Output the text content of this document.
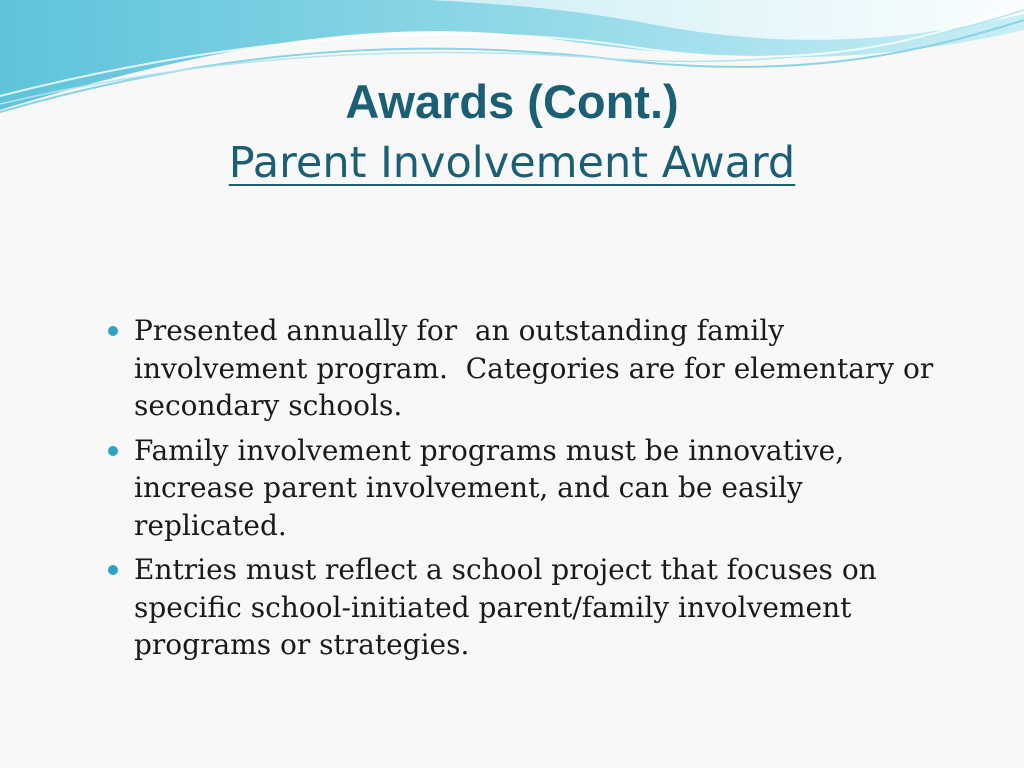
Awards (Cont.)
Parent Involvement Award
Presented annually for  an outstanding family involvement program.  Categories are for elementary or secondary schools.
Family involvement programs must be innovative, increase parent involvement, and can be easily replicated.
Entries must reflect a school project that focuses on specific school-initiated parent/family involvement programs or strategies.
